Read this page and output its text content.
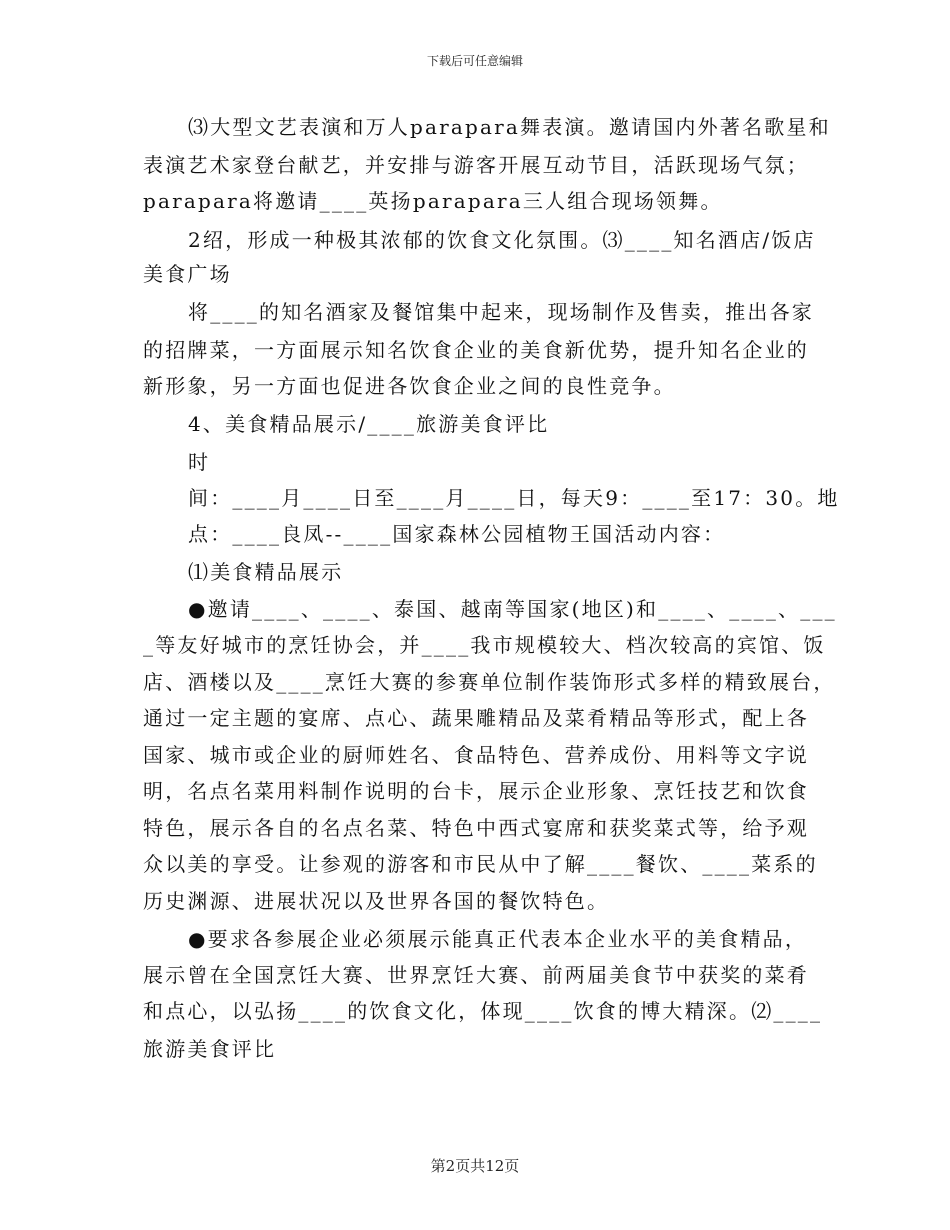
下载后可任意编辑
⑶大型文艺表演和万人parapara舞表演。邀请国内外著名歌星和
表演艺术家登台献艺，并安排与游客开展互动节目，活跃现场气氛；
parapara将邀请____英扬parapara三人组合现场领舞。
2绍，形成一种极其浓郁的饮食文化氛围。⑶____知名酒店/饭店
美食广场
将____的知名酒家及餐馆集中起来，现场制作及售卖，推出各家
的招牌菜，一方面展示知名饮食企业的美食新优势，提升知名企业的
新形象，另一方面也促进各饮食企业之间的良性竞争。
4、美食精品展示/____旅游美食评比
时
间：____月____日至____月____日，每天9：____至17：30。地
点：____良凤--____国家森林公园植物王国活动内容：
⑴美食精品展示
●邀请____、____、泰国、越南等国家(地区)和____、____、___
_等友好城市的烹饪协会，并____我市规模较大、档次较高的宾馆、饭
店、酒楼以及____烹饪大赛的参赛单位制作装饰形式多样的精致展台，
通过一定主题的宴席、点心、蔬果雕精品及菜肴精品等形式，配上各
国家、城市或企业的厨师姓名、食品特色、营养成份、用料等文字说
明，名点名菜用料制作说明的台卡，展示企业形象、烹饪技艺和饮食
特色，展示各自的名点名菜、特色中西式宴席和获奖菜式等，给予观
众以美的享受。让参观的游客和市民从中了解____餐饮、____菜系的
历史渊源、进展状况以及世界各国的餐饮特色。
●要求各参展企业必须展示能真正代表本企业水平的美食精品，
展示曾在全国烹饪大赛、世界烹饪大赛、前两届美食节中获奖的菜肴
和点心，以弘扬____的饮食文化，体现____饮食的博大精深。⑵____
旅游美食评比
第2页共12页
